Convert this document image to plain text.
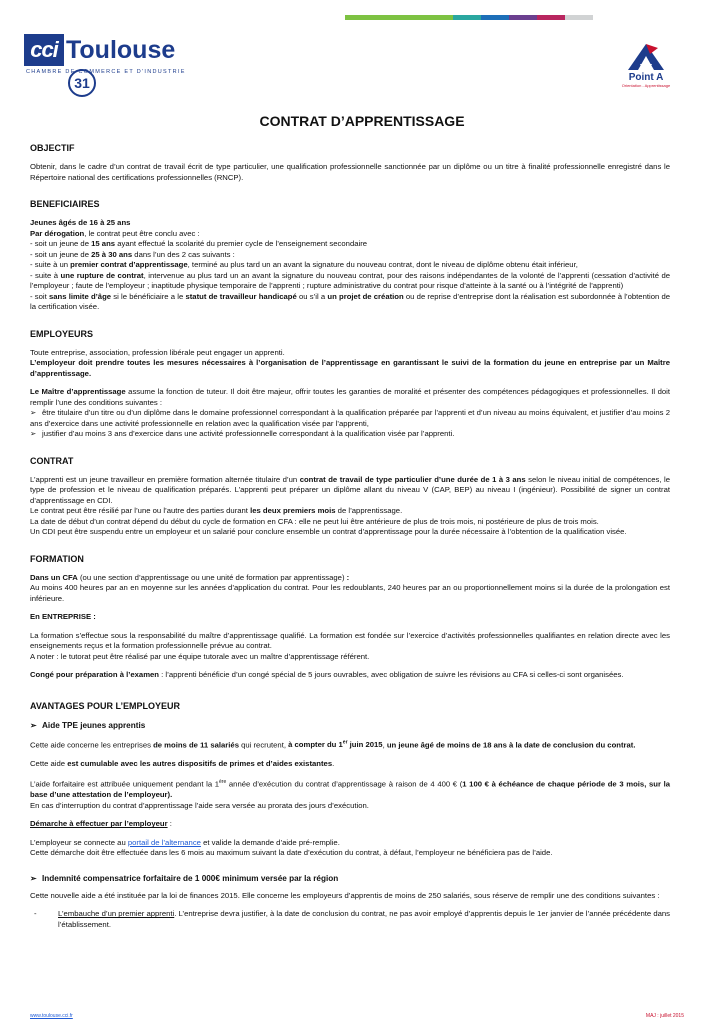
cci Toulouse31
CHAMBRE DE COMMERCE ET D'INDUSTRIE	Point A
Orientation - Apprentissage
CONTRAT D’APPRENTISSAGE
OBJECTIF

Obtenir, dans le cadre d’un contrat de travail écrit de type particulier, une qualification professionnelle sanctionnée par un diplôme ou un titre à finalité professionnelle enregistré dans le Répertoire national des certifications professionnelles (RNCP).

BENEFICIAIRES

Jeunes âgés de 16 à 25 ans

Par dérogation, le contrat peut être conclu avec :

- soit un jeune de 15 ans ayant effectué la scolarité du premier cycle de l’enseignement secondaire

- soit un jeune de 25 à 30 ans dans l’un des 2 cas suivants :

- suite à un premier contrat d’apprentissage, terminé au plus tard un an avant la signature du nouveau contrat, dont le niveau de diplôme obtenu était inférieur,

- suite à une rupture de contrat, intervenue au plus tard un an avant la signature du nouveau contrat, pour des raisons indépendantes de la volonté de l’apprenti (cessation d’activité de l’employeur ; faute de l’employeur ; inaptitude physique temporaire de l’apprenti ; rupture administrative du contrat pour risque d’atteinte à la santé ou à l’intégrité de l’apprenti)

- soit sans limite d’âge si le bénéficiaire a le statut de travailleur handicapé ou s’il a un projet de création ou de reprise d’entreprise dont la réalisation est subordonnée à l’obtention de la certification visée.

EMPLOYEURS

Toute entreprise, association, profession libérale peut engager un apprenti.

L’employeur doit prendre toutes les mesures nécessaires à l’organisation de l’apprentissage en garantissant le suivi de la formation du jeune en entreprise par un Maître d’apprentissage.

Le Maître d’apprentissage assume la fonction de tuteur. Il doit être majeur, offrir toutes les garanties de moralité et présenter des compétences pédagogiques et professionnelles. Il doit remplir l’une des conditions suivantes :

➢ être titulaire d’un titre ou d’un diplôme dans le domaine professionnel correspondant à la qualification préparée par l’apprenti et d’un niveau au moins équivalent, et justifier d’au moins 2 ans d’exercice dans une activité professionnelle en relation avec la qualification visée par l’apprenti,

➢ justifier d’au moins 3 ans d’exercice dans une activité professionnelle correspondant à la qualification visée par l’apprenti.

CONTRAT

L’apprenti est un jeune travailleur en première formation alternée titulaire d’un contrat de travail de type particulier d’une durée de 1 à 3 ans selon le niveau initial de compétences, le type de profession et le niveau de qualification préparés. L’apprenti peut préparer un diplôme allant du niveau V (CAP, BEP) au niveau I (ingénieur). Possibilité de signer un contrat d’apprentissage en CDI.

Le contrat peut être résilié par l’une ou l’autre des parties durant les deux premiers mois de l’apprentissage.

La date de début d’un contrat dépend du début du cycle de formation en CFA : elle ne peut lui être antérieure de plus de trois mois, ni postérieure de plus de trois mois.

Un CDI peut être suspendu entre un employeur et un salarié pour conclure ensemble un contrat d’apprentissage pour la durée nécessaire à l’obtention de la qualification visée.

FORMATION

Dans un CFA (ou une section d’apprentissage ou une unité de formation par apprentissage) :

Au moins 400 heures par an en moyenne sur les années d’application du contrat. Pour les redoublants, 240 heures par an ou proportionnellement moins si la durée de la prolongation est inférieure.

En ENTREPRISE :

La formation s’effectue sous la responsabilité du maître d’apprentissage qualifié. La formation est fondée sur l’exercice d’activités professionnelles qualifiantes en relation directe avec les enseignements reçus et la formation professionnelle prévue au contrat.

A noter : le tutorat peut être réalisé par une équipe tutorale avec un maître d’apprentissage référent.

Congé pour préparation à l’examen : l’apprenti bénéficie d’un congé spécial de 5 jours ouvrables, avec obligation de suivre les révisions au CFA si celles-ci sont organisées.

AVANTAGES POUR L’EMPLOYEUR
➢ Aide TPE jeunes apprentis

Cette aide concerne les entreprises de moins de 11 salariés qui recrutent, à compter du 1er juin 2015, un jeune âgé de moins de 18 ans à la date de conclusion du contrat.

Cette aide est cumulable avec les autres dispositifs de primes et d’aides existantes.

L’aide forfaitaire est attribuée uniquement pendant la 1ère année d’exécution du contrat d’apprentissage à raison de 4 400 € (1 100 € à échéance de chaque période de 3 mois, sur la base d’une attestation de l’employeur).

En cas d’interruption du contrat d’apprentissage l’aide sera versée au prorata des jours d’exécution.

Démarche à effectuer par l’employeur :

L’employeur se connecte au portail de l’alternance et valide la demande d’aide pré-remplie.

Cette démarche doit être effectuée dans les 6 mois au maximum suivant la date d’exécution du contrat, à défaut, l’employeur ne bénéficiera pas de l’aide.

➢ Indemnité compensatrice forfaitaire de 1 000€ minimum versée par la région

Cette nouvelle aide a été instituée par la loi de finances 2015. Elle concerne les employeurs d’apprentis de moins de 250 salariés, sous réserve de remplir une des conditions suivantes :

-	L’embauche d’un premier apprenti. L’entreprise devra justifier, à la date de conclusion du contrat, ne pas avoir employé d’apprentis depuis le 1er janvier de l’année précédente dans l’établissement.

www.toulouse.cci.fr	MAJ : juillet 2015
